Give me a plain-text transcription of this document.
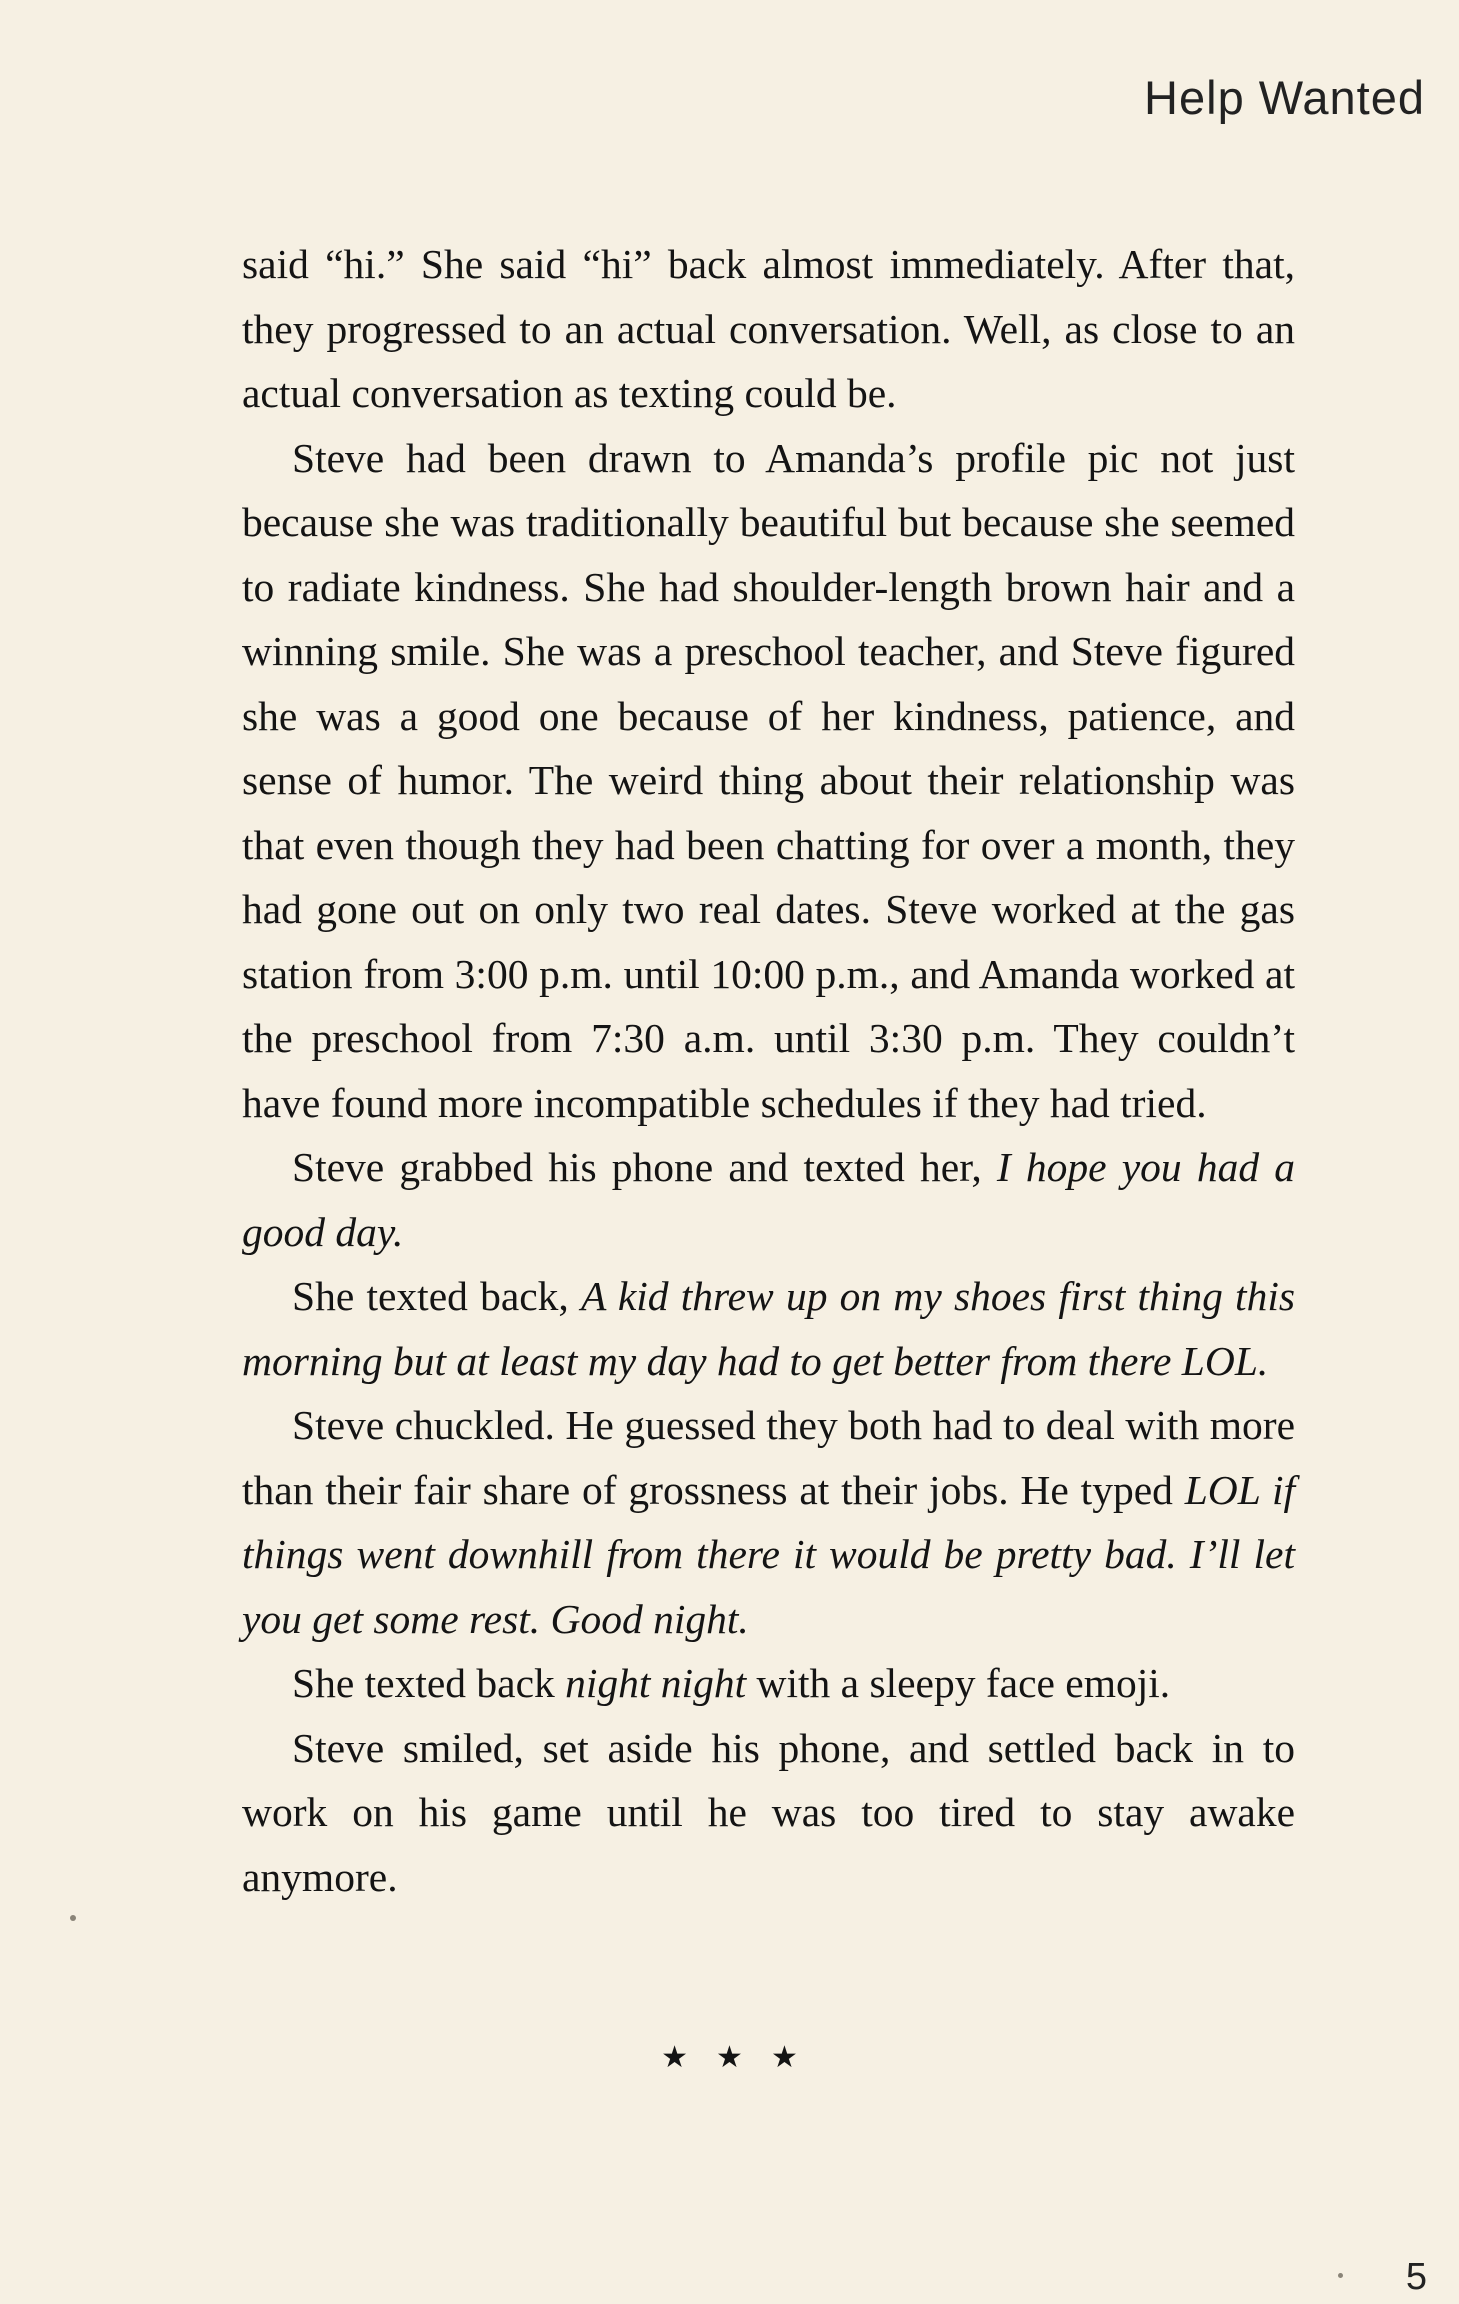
Help Wanted

said “hi.” She said “hi” back almost immediately. After that, they progressed to an actual conversation. Well, as close to an actual conversation as texting could be.

Steve had been drawn to Amanda’s profile pic not just because she was traditionally beautiful but because she seemed to radiate kindness. She had shoulder-length brown hair and a winning smile. She was a preschool teacher, and Steve figured she was a good one because of her kindness, patience, and sense of humor. The weird thing about their relationship was that even though they had been chatting for over a month, they had gone out on only two real dates. Steve worked at the gas station from 3:00 p.m. until 10:00 p.m., and Amanda worked at the preschool from 7:30 a.m. until 3:30 p.m. They couldn’t have found more incompatible schedules if they had tried.

Steve grabbed his phone and texted her, I hope you had a good day.

She texted back, A kid threw up on my shoes first thing this morning but at least my day had to get better from there LOL.

Steve chuckled. He guessed they both had to deal with more than their fair share of grossness at their jobs. He typed LOL if things went downhill from there it would be pretty bad. I’ll let you get some rest. Good night.

She texted back night night with a sleepy face emoji.

Steve smiled, set aside his phone, and settled back in to work on his game until he was too tired to stay awake anymore.

★★★
5
